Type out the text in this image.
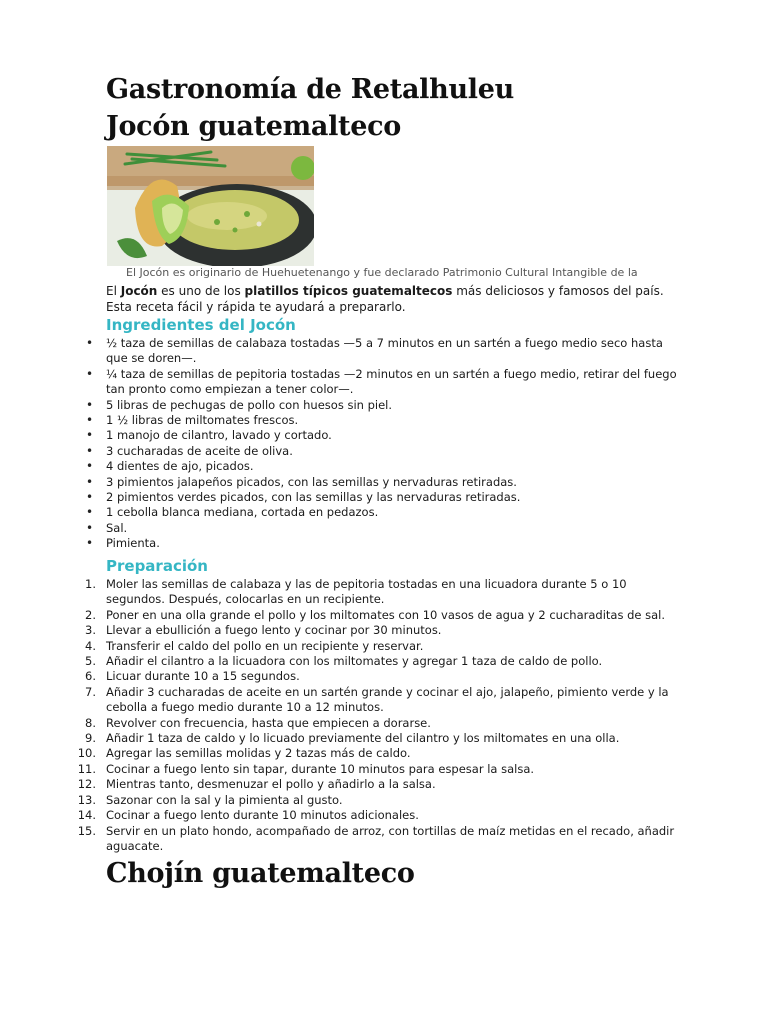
Gastronomía de Retalhuleu
Jocón guatemalteco
El Jocón es originario de Huehuetenango y fue declarado Patrimonio Cultural Intangible de la

El Jocón es uno de los platillos típicos guatemaltecos más deliciosos y famosos del país. Esta receta fácil y rápida te ayudará a prepararlo.

Ingredientes del Jocón
• ½ taza de semillas de calabaza tostadas —5 a 7 minutos en un sartén a fuego medio seco hasta que se doren—.
• ¼ taza de semillas de pepitoria tostadas —2 minutos en un sartén a fuego medio, retirar del fuego tan pronto como empiezan a tener color—.
• 5 libras de pechugas de pollo con huesos sin piel.
• 1 ½ libras de miltomates frescos.
• 1 manojo de cilantro, lavado y cortado.
• 3 cucharadas de aceite de oliva.
• 4 dientes de ajo, picados.
• 3 pimientos jalapeños picados, con las semillas y nervaduras retiradas.
• 2 pimientos verdes picados, con las semillas y las nervaduras retiradas.
• 1 cebolla blanca mediana, cortada en pedazos.
• Sal.
• Pimienta.
Preparación
1. Moler las semillas de calabaza y las de pepitoria tostadas en una licuadora durante 5 o 10 segundos. Después, colocarlas en un recipiente.
2. Poner en una olla grande el pollo y los miltomates con 10 vasos de agua y 2 cucharaditas de sal.
3. Llevar a ebullición a fuego lento y cocinar por 30 minutos.
4. Transferir el caldo del pollo en un recipiente y reservar.
5. Añadir el cilantro a la licuadora con los miltomates y agregar 1 taza de caldo de pollo.
6. Licuar durante 10 a 15 segundos.
7. Añadir 3 cucharadas de aceite en un sartén grande y cocinar el ajo, jalapeño, pimiento verde y la cebolla a fuego medio durante 10 a 12 minutos.
8. Revolver con frecuencia, hasta que empiecen a dorarse.
9. Añadir 1 taza de caldo y lo licuado previamente del cilantro y los miltomates en una olla.
10. Agregar las semillas molidas y 2 tazas más de caldo.
11. Cocinar a fuego lento sin tapar, durante 10 minutos para espesar la salsa.
12. Mientras tanto, desmenuzar el pollo y añadirlo a la salsa.
13. Sazonar con la sal y la pimienta al gusto.
14. Cocinar a fuego lento durante 10 minutos adicionales.
15. Servir en un plato hondo, acompañado de arroz, con tortillas de maíz metidas en el recado, añadir aguacate.
Chojín guatemalteco
